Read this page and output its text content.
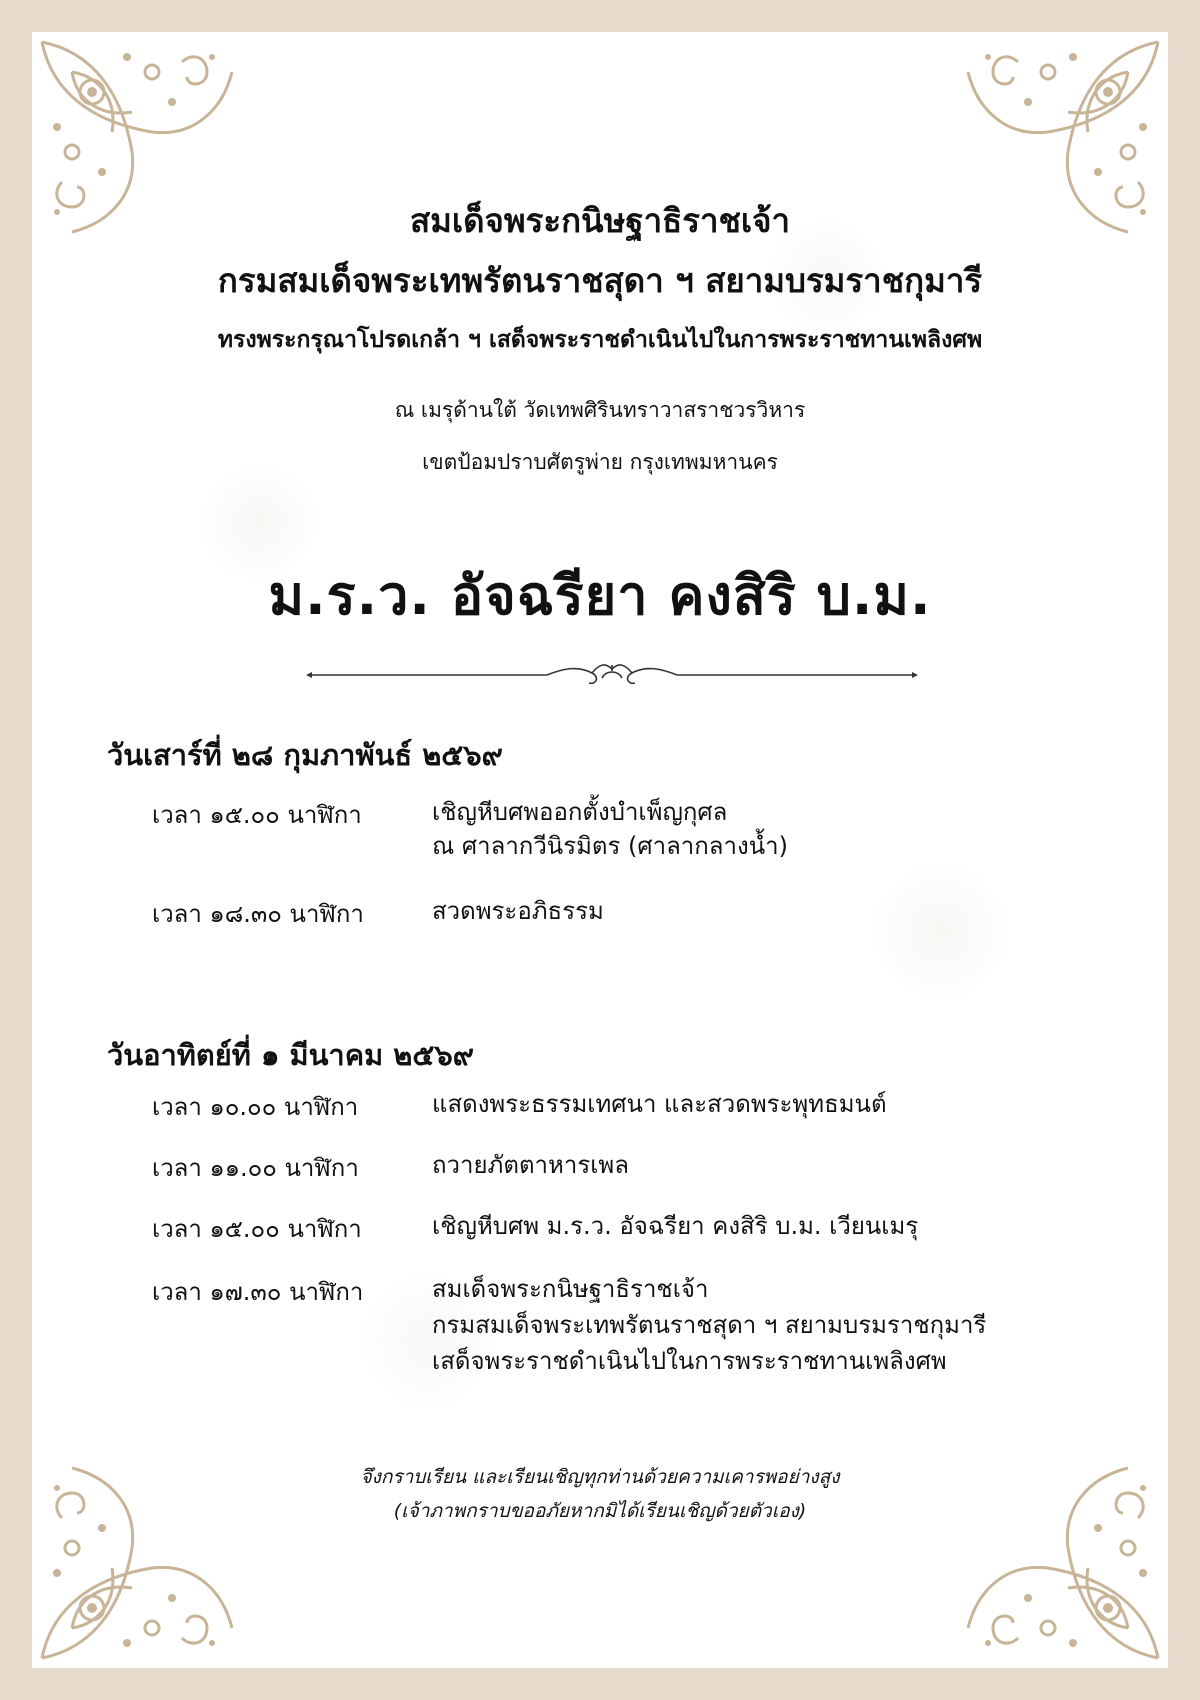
สมเด็จพระกนิษฐาธิราชเจ้า
กรมสมเด็จพระเทพรัตนราชสุดา ฯ สยามบรมราชกุมารี
ทรงพระกรุณาโปรดเกล้า ฯ เสด็จพระราชดำเนินไปในการพระราชทานเพลิงศพ
ณ เมรุด้านใต้ วัดเทพศิรินทราวาสราชวรวิหาร
เขตป้อมปราบศัตรูพ่าย กรุงเทพมหานคร
ม.ร.ว. อัจฉรียา คงสิริ บ.ม.
วันเสาร์ที่ ๒๘ กุมภาพันธ์ ๒๕๖๙
เวลา ๑๕.๐๐ นาฬิกา	เชิญหีบศพออกตั้งบำเพ็ญกุศล
ณ ศาลากวีนิรมิตร (ศาลากลางน้ำ)
เวลา ๑๘.๓๐ นาฬิกา	สวดพระอภิธรรม
วันอาทิตย์ที่ ๑ มีนาคม ๒๕๖๙
เวลา ๑๐.๐๐ นาฬิกา	แสดงพระธรรมเทศนา และสวดพระพุทธมนต์
เวลา ๑๑.๐๐ นาฬิกา	ถวายภัตตาหารเพล
เวลา ๑๕.๐๐ นาฬิกา	เชิญหีบศพ ม.ร.ว. อัจฉรียา คงสิริ บ.ม. เวียนเมรุ
เวลา ๑๗.๓๐ นาฬิกา	สมเด็จพระกนิษฐาธิราชเจ้า
กรมสมเด็จพระเทพรัตนราชสุดา ฯ สยามบรมราชกุมารี
เสด็จพระราชดำเนินไปในการพระราชทานเพลิงศพ
จึงกราบเรียน และเรียนเชิญทุกท่านด้วยความเคารพอย่างสูง
(เจ้าภาพกราบขออภัยหากมิได้เรียนเชิญด้วยตัวเอง)
